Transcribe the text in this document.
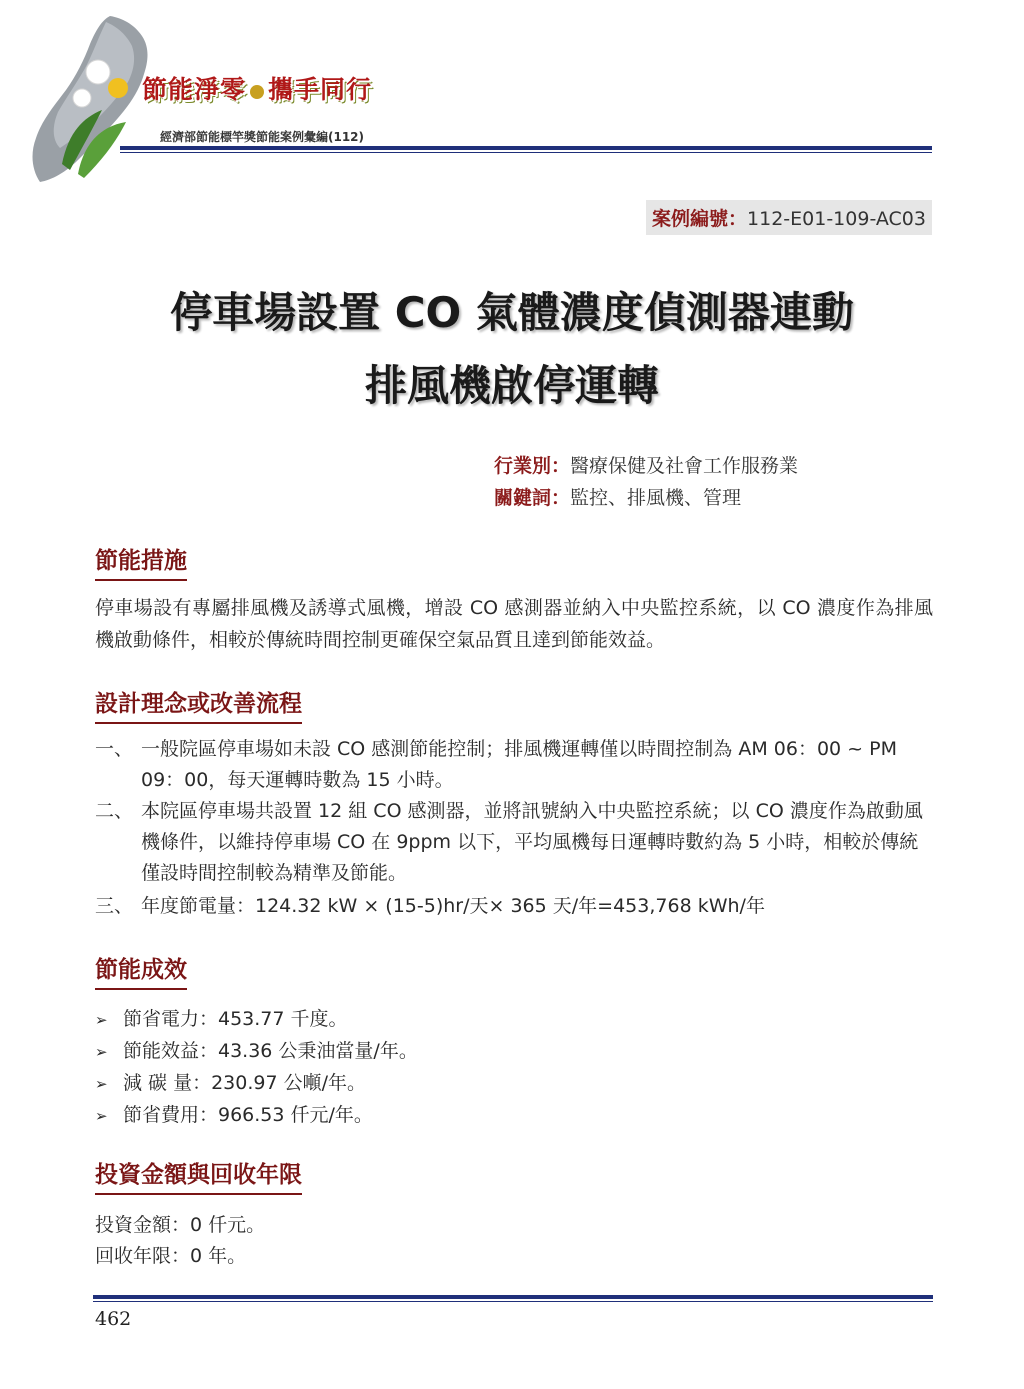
節能淨零 攜手同行
經濟部節能標竿獎節能案例彙編(112)
案例編號：112-E01-109-AC03
停車場設置 CO 氣體濃度偵測器連動
排風機啟停運轉
行業別：醫療保健及社會工作服務業
關鍵詞：監控、排風機、管理
節能措施
停車場設有專屬排風機及誘導式風機，增設 CO 感測器並納入中央監控系統，以 CO 濃度作為排風機啟動條件，相較於傳統時間控制更確保空氣品質且達到節能效益。
設計理念或改善流程
一、 一般院區停車場如未設 CO 感測節能控制；排風機運轉僅以時間控制為 AM 06：00 ~ PM 09：00，每天運轉時數為 15 小時。
二、 本院區停車場共設置 12 組 CO 感測器，並將訊號納入中央監控系統；以 CO 濃度作為啟動風機條件，以維持停車場 CO 在 9ppm 以下，平均風機每日運轉時數約為 5 小時，相較於傳統僅設時間控制較為精準及節能。
三、 年度節電量：124.32 kW × (15-5)hr/天× 365 天/年=453,768 kWh/年
節能成效
➢ 節省電力：453.77 千度。
➢ 節能效益：43.36 公秉油當量/年。
➢ 減 碳 量：230.97 公噸/年。
➢ 節省費用：966.53 仟元/年。
投資金額與回收年限
投資金額：0 仟元。
回收年限：0 年。
462
